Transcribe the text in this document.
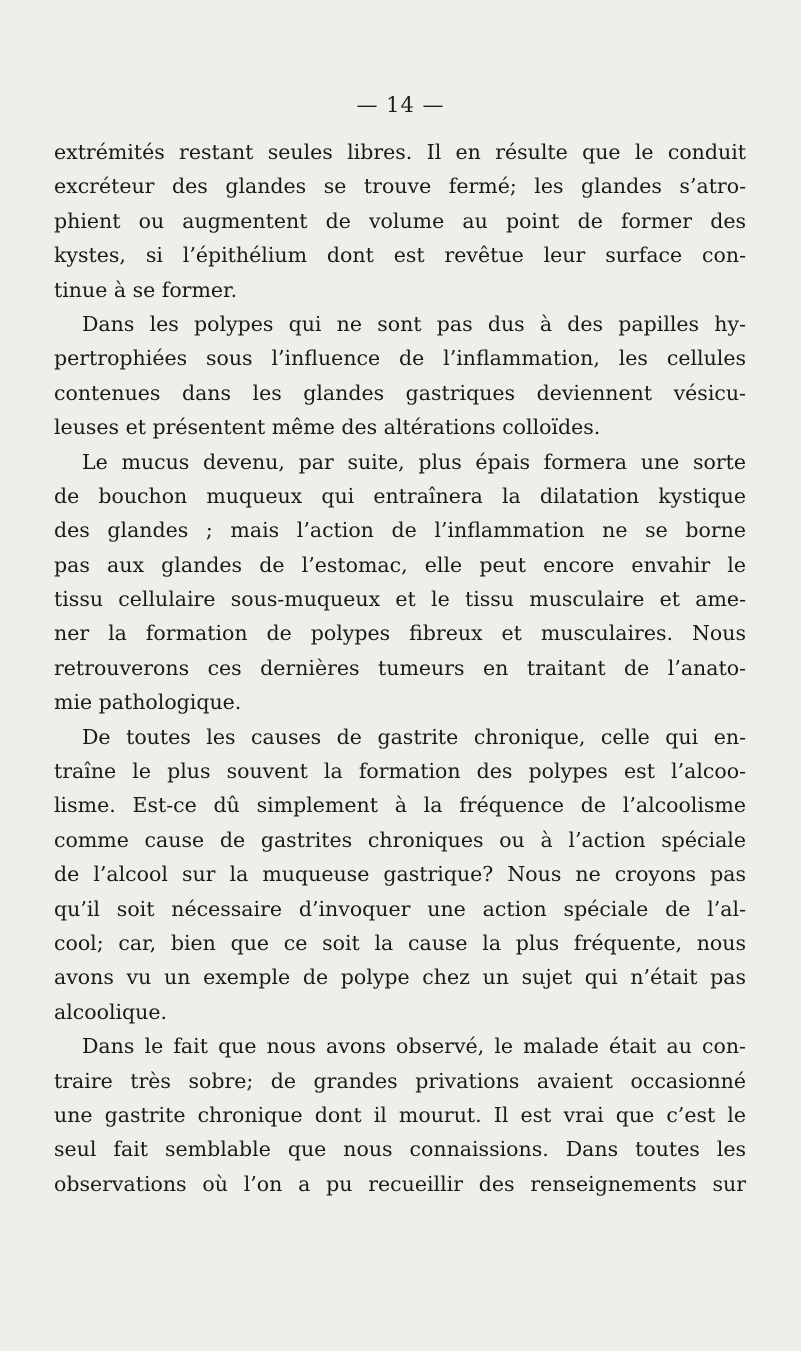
— 14 —
extrémités restant seules libres. Il en résulte que le conduit
excréteur des glandes se trouve fermé; les glandes s’atro-
phient ou augmentent de volume au point de former des
kystes, si l’épithélium dont est revêtue leur surface con-
tinue à se former.
Dans les polypes qui ne sont pas dus à des papilles hy-
pertrophiées sous l’influence de l’inflammation, les cellules
contenues dans les glandes gastriques deviennent vésicu-
leuses et présentent même des altérations colloïdes.
Le mucus devenu, par suite, plus épais formera une sorte
de bouchon muqueux qui entraînera la dilatation kystique
des glandes ; mais l’action de l’inflammation ne se borne
pas aux glandes de l’estomac, elle peut encore envahir le
tissu cellulaire sous-muqueux et le tissu musculaire et ame-
ner la formation de polypes fibreux et musculaires. Nous
retrouverons ces dernières tumeurs en traitant de l’anato-
mie pathologique.
De toutes les causes de gastrite chronique, celle qui en-
traîne le plus souvent la formation des polypes est l’alcoo-
lisme. Est-ce dû simplement à la fréquence de l’alcoolisme
comme cause de gastrites chroniques ou à l’action spéciale
de l’alcool sur la muqueuse gastrique? Nous ne croyons pas
qu’il soit nécessaire d’invoquer une action spéciale de l’al-
cool; car, bien que ce soit la cause la plus fréquente, nous
avons vu un exemple de polype chez un sujet qui n’était pas
alcoolique.
Dans le fait que nous avons observé, le malade était au con-
traire très sobre; de grandes privations avaient occasionné
une gastrite chronique dont il mourut. Il est vrai que c’est le
seul fait semblable que nous connaissions. Dans toutes les
observations où l’on a pu recueillir des renseignements sur
